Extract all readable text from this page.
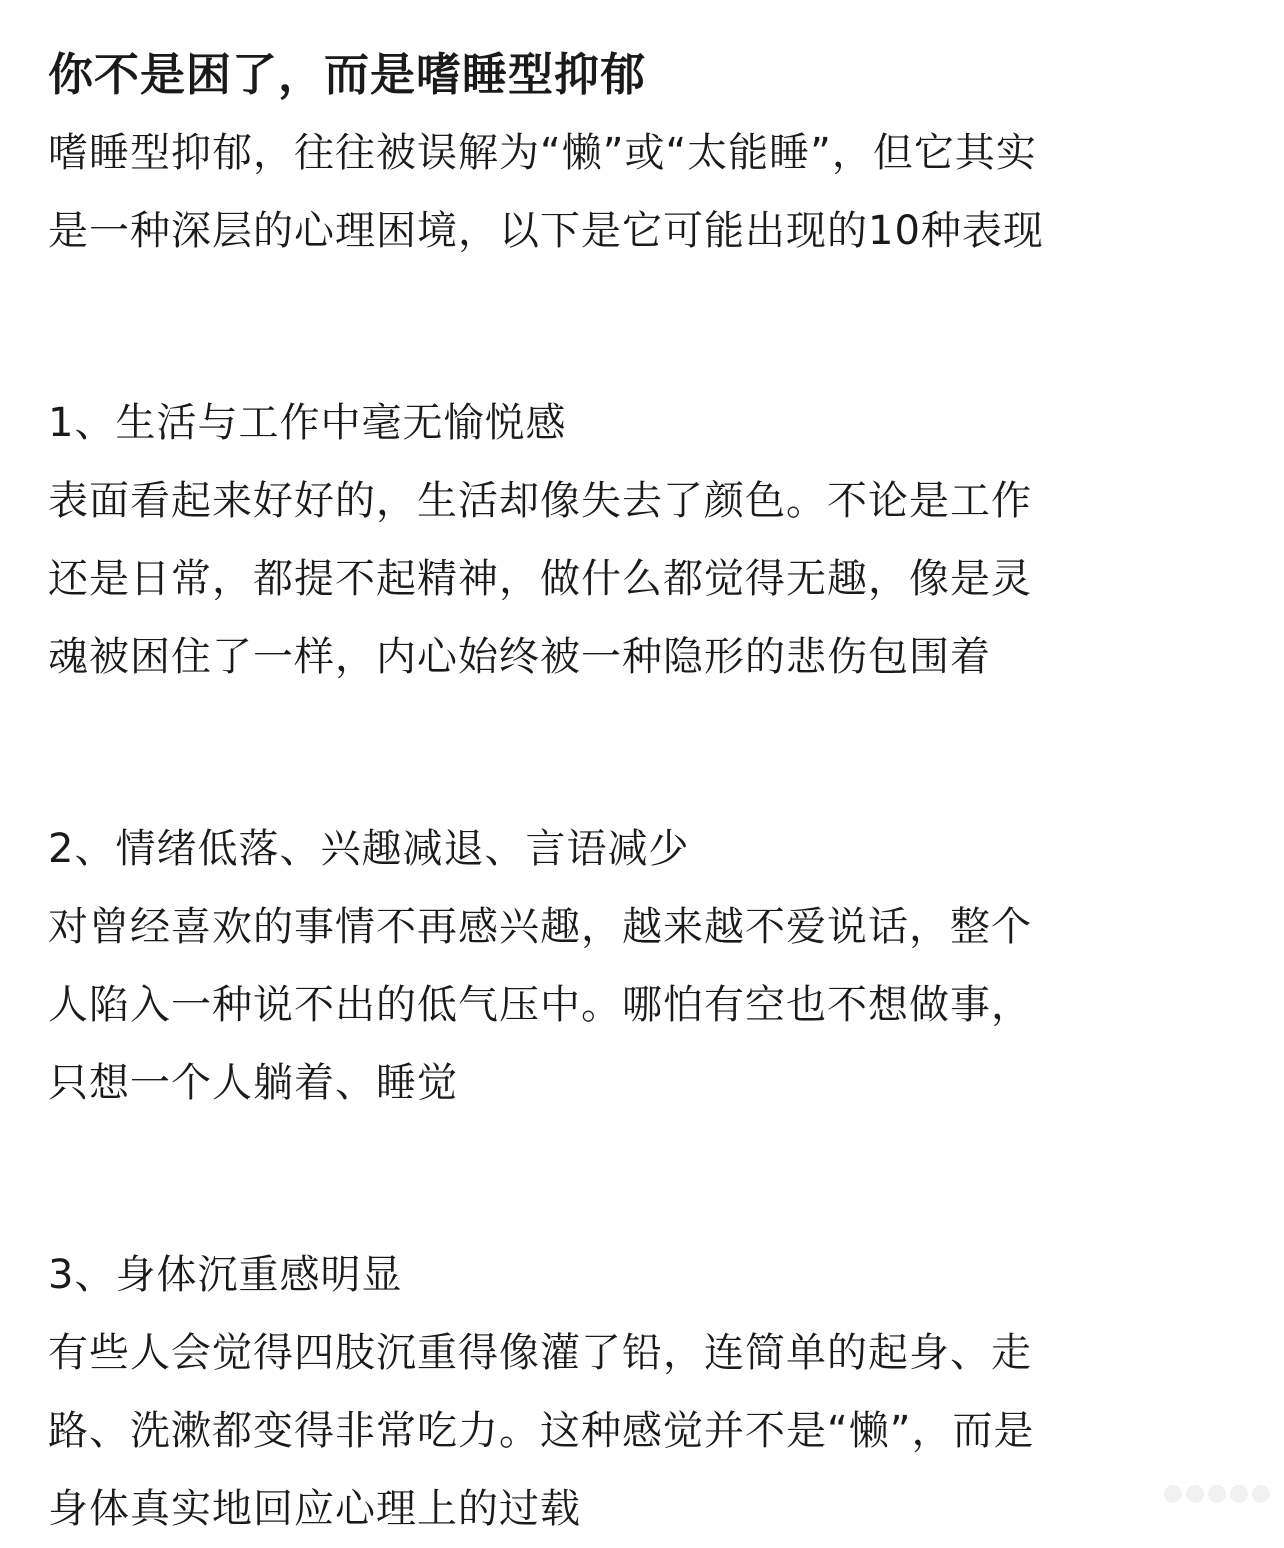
你不是困了，而是嗜睡型抑郁

嗜睡型抑郁，往往被误解为“懒”或“太能睡”，但它其实
是一种深层的心理困境，以下是它可能出现的10种表现

1、生活与工作中毫无愉悦感

表面看起来好好的，生活却像失去了颜色。不论是工作
还是日常，都提不起精神，做什么都觉得无趣，像是灵
魂被困住了一样，内心始终被一种隐形的悲伤包围着

2、情绪低落、兴趣减退、言语减少

对曾经喜欢的事情不再感兴趣，越来越不爱说话，整个
人陷入一种说不出的低气压中。哪怕有空也不想做事，
只想一个人躺着、睡觉

3、身体沉重感明显

有些人会觉得四肢沉重得像灌了铅，连简单的起身、走
路、洗漱都变得非常吃力。这种感觉并不是“懒”，而是
身体真实地回应心理上的过载
